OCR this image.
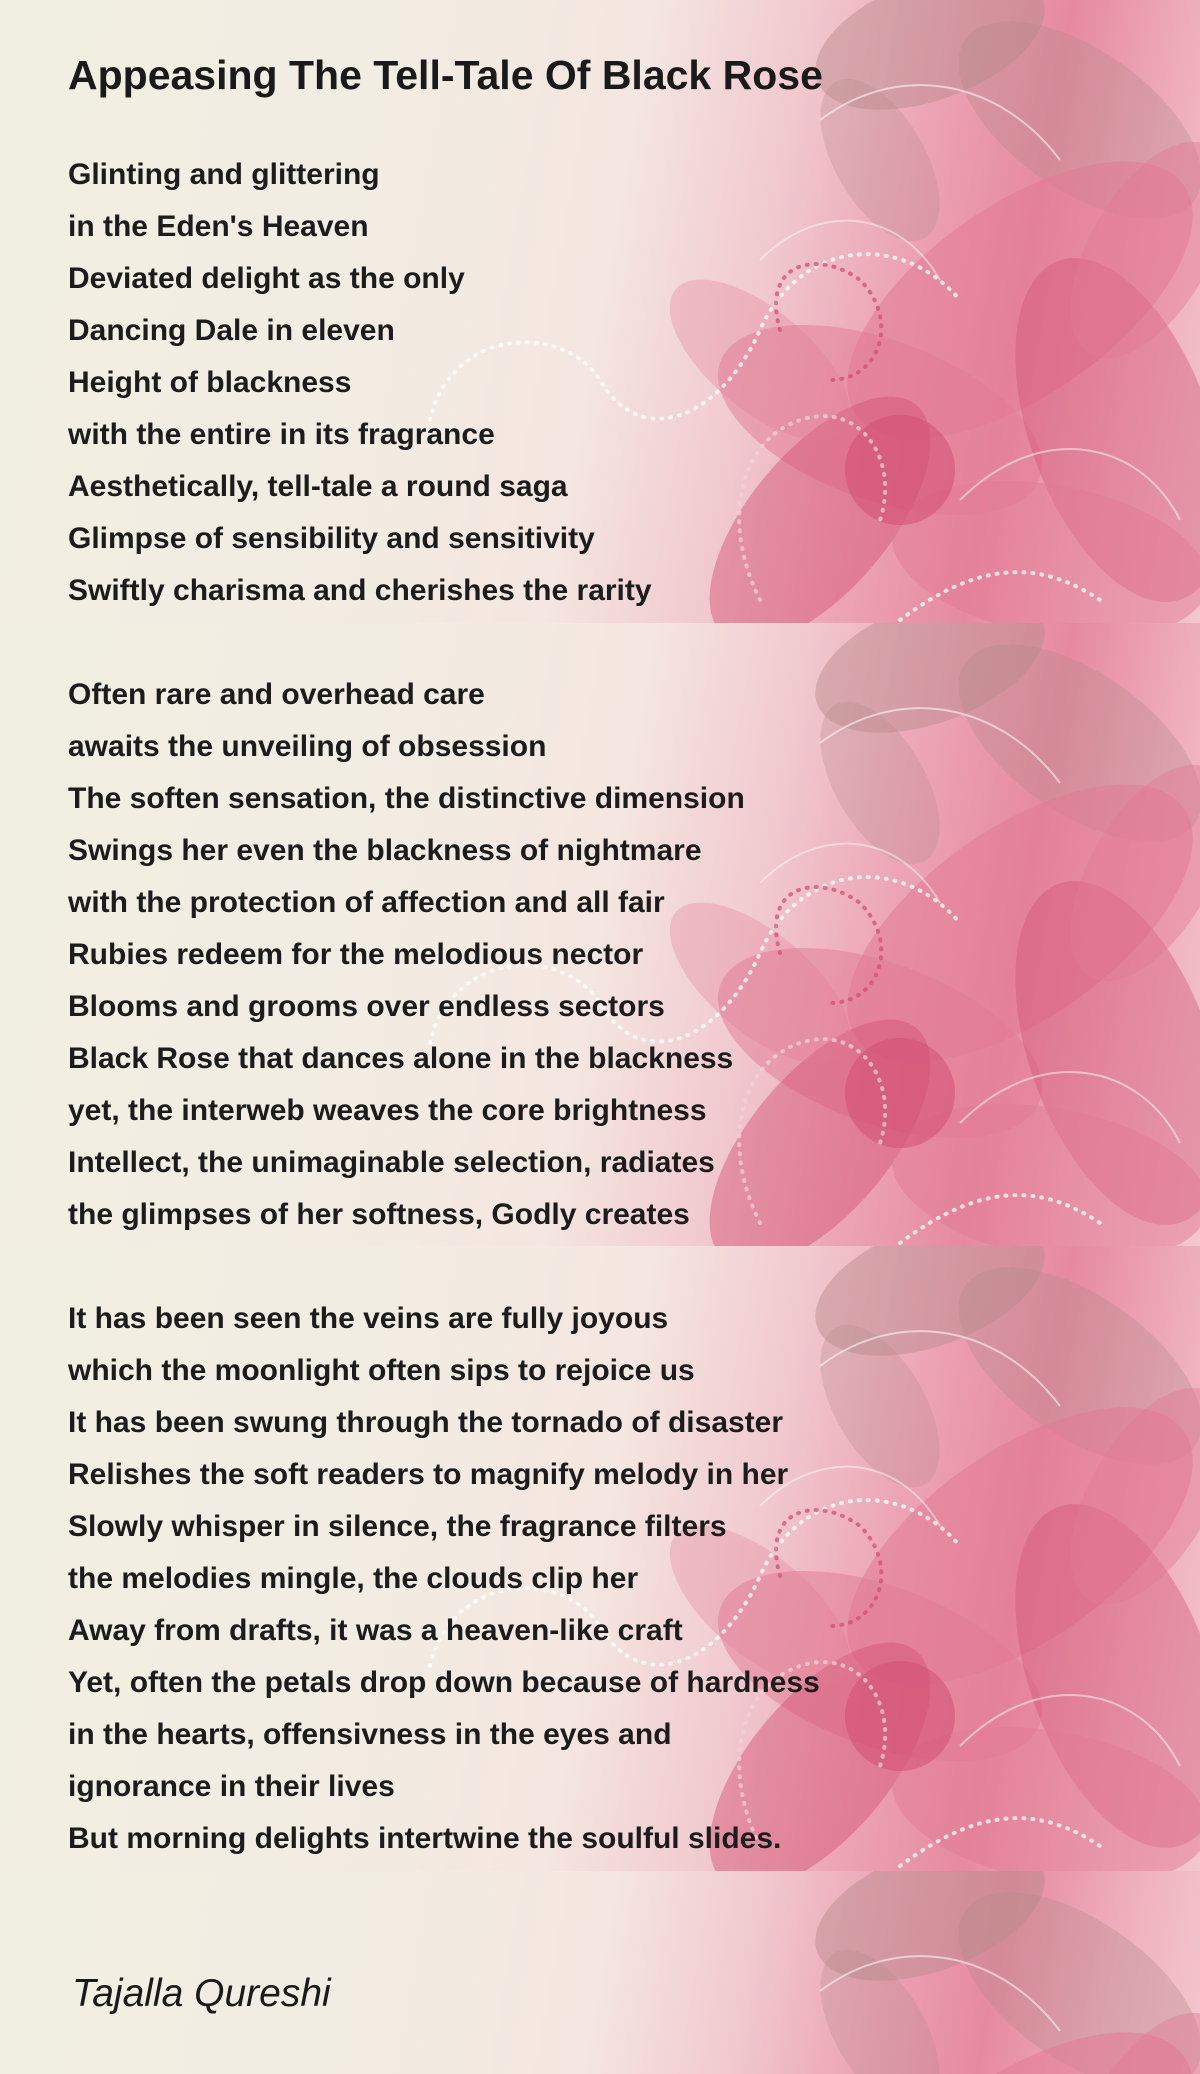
Appeasing The Tell-Tale Of Black Rose
Glinting and glittering
in the Eden's Heaven
Deviated delight as the only
Dancing Dale in eleven
Height of blackness
with the entire in its fragrance
Aesthetically, tell-tale a round saga
Glimpse of sensibility and sensitivity
Swiftly charisma and cherishes the rarity
Often rare and overhead care
awaits the unveiling of obsession
The soften sensation, the distinctive dimension
Swings her even the blackness of nightmare
with the protection of affection and all fair
Rubies redeem for the melodious nector
Blooms and grooms over endless sectors
Black Rose that dances alone in the blackness
yet, the interweb weaves the core brightness
Intellect, the unimaginable selection, radiates
the glimpses of her softness, Godly creates
It has been seen the veins are fully joyous
which the moonlight often sips to rejoice us
It has been swung through the tornado of disaster
Relishes the soft readers to magnify melody in her
Slowly whisper in silence, the fragrance filters
the melodies mingle, the clouds clip her
Away from drafts, it was a heaven-like craft
Yet, often the petals drop down because of hardness
in the hearts, offensivness in the eyes and
ignorance in their lives
But morning delights intertwine the soulful slides.
Tajalla Qureshi
